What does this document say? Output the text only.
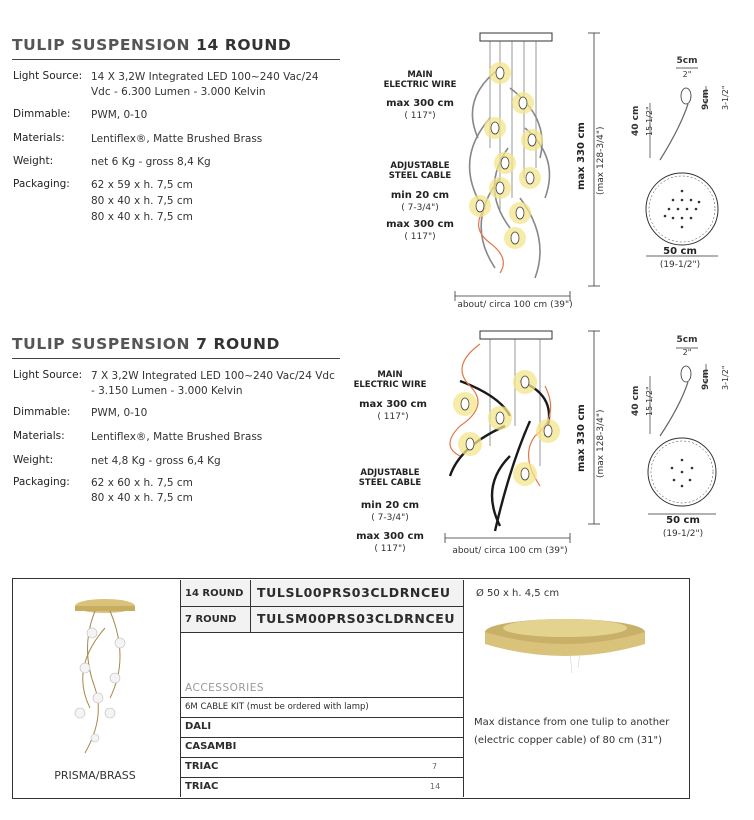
TULIP SUSPENSION 14 ROUND
Light Source: 14 X 3,2W Integrated LED 100~240 Vac/24 Vdc - 6.300 Lumen - 3.000 Kelvin
Dimmable: PWM, 0-10
Materials:	Lentiflex®, Matte Brushed Brass
Weight:	net 6 Kg - gross 8,4 Kg
Packaging: 62 x 59 x h. 7,5 cm
80 x 40 x h. 7,5 cm
80 x 40 x h. 7,5 cm
MAIN
ELECTRIC WIRE
max 300 cm
( 117")
ADJUSTABLE
STEEL CABLE
min 20 cm
( 7-3/4")
max 300 cm
( 117")
about/ circa 100 cm (39")
max 330 cm (max 128-3/4")
5cm
2"
9cm 3-1/2"
40 cm 15-1/2"
50 cm
(19-1/2")
TULIP SUSPENSION 7 ROUND
Light Source: 7 X 3,2W Integrated LED 100~240 Vac/24 Vdc - 3.150 Lumen - 3.000 Kelvin
Dimmable: PWM, 0-10
Materials:	Lentiflex®, Matte Brushed Brass
Weight:	net 4,8 Kg - gross 6,4 Kg
Packaging: 62 x 60 x h. 7,5 cm
80 x 40 x h. 7,5 cm
MAIN
ELECTRIC WIRE
max 300 cm
( 117")
ADJUSTABLE
STEEL CABLE
min 20 cm
( 7-3/4")
max 300 cm
( 117")	about/ circa 100 cm (39")
max 330 cm (max 128-3/4")
5cm
2"
9cm 3-1/2"
40 cm 15-1/2"
50 cm
(19-1/2")
PRISMA/BRASS
14 ROUND TULSL00PRS03CLDRNCEU
7 ROUND TULSM00PRS03CLDRNCEU
ACCESSORIES
6M CABLE KIT (must be ordered with lamp)
DALI
CASAMBI
TRIAC	7
TRIAC	14
Ø 50 x h. 4,5 cm
Max distance from one tulip to another (electric copper cable) of 80 cm (31")
